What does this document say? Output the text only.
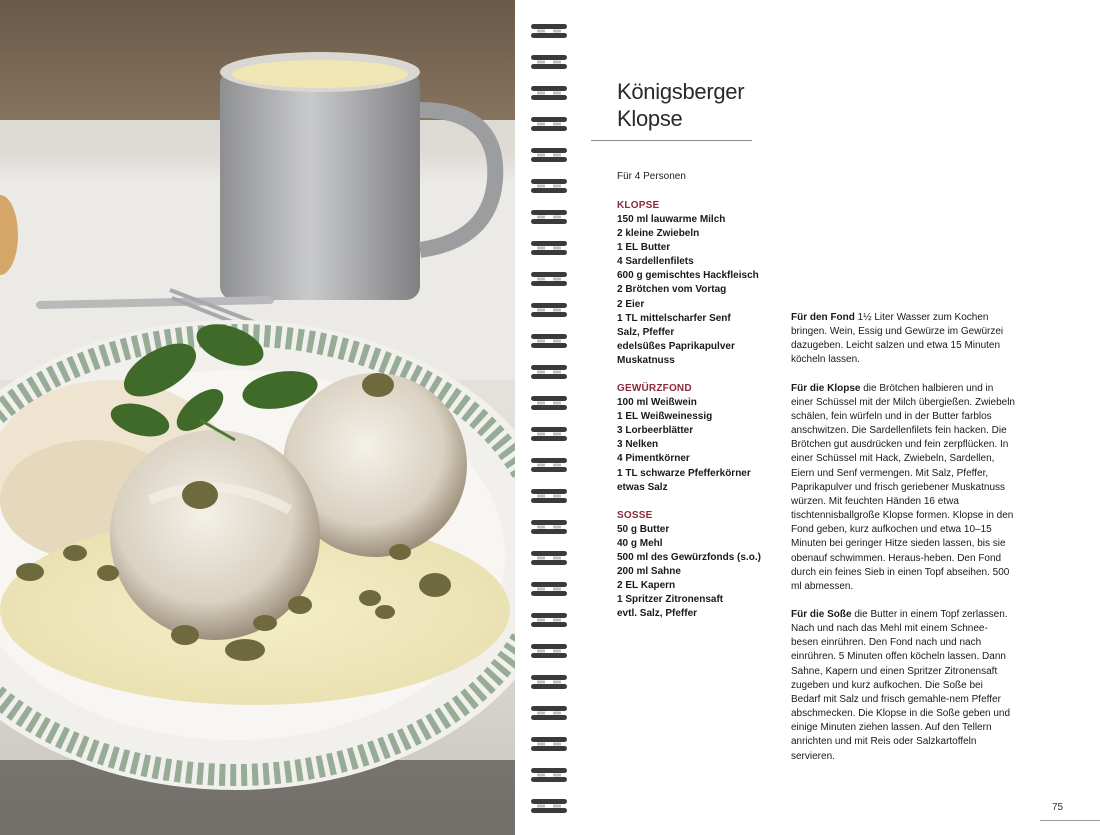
Königsberger
Klopse
Für 4 Personen
KLOPSE
150 ml lauwarme Milch
2 kleine Zwiebeln
1 EL Butter
4 Sardellenfilets
600 g gemischtes Hackfleisch
2 Brötchen vom Vortag
2 Eier
1 TL mittelscharfer Senf
Salz, Pfeffer
edelsüßes Paprikapulver
Muskatnuss
GEWÜRZFOND
100 ml Weißwein
1 EL Weißweinessig
3 Lorbeerblätter
3 Nelken
4 Pimentkörner
1 TL schwarze Pfefferkörner
etwas Salz
SOSSE
50 g Butter
40 g Mehl
500 ml des Gewürzfonds (s.o.)
200 ml Sahne
2 EL Kapern
1 Spritzer Zitronensaft
evtl. Salz, Pfeffer

Für den Fond 1½ Liter Wasser zum Kochen bringen. Wein, Essig und Gewürze im Gewürzei dazugeben. Leicht salzen und etwa 15 Minuten köcheln lassen.

Für die Klopse die Brötchen halbieren und in einer Schüssel mit der Milch übergießen. Zwiebeln schälen, fein würfeln und in der Butter farblos anschwitzen. Die Sardellenfilets fein hacken. Die Brötchen gut ausdrücken und fein zerpflücken. In einer Schüssel mit Hack, Zwiebeln, Sardellen, Eiern und Senf vermengen. Mit Salz, Pfeffer, Paprikapulver und frisch geriebener Muskatnuss würzen. Mit feuchten Händen 16 etwa tischtennisballgroße Klopse formen. Klopse in den Fond geben, kurz aufkochen und etwa 10–15 Minuten bei geringer Hitze sieden lassen, bis sie obenauf schwimmen. Heraus-heben. Den Fond durch ein feines Sieb in einen Topf abseihen. 500 ml abmessen.

Für die Soße die Butter in einem Topf zerlassen. Nach und nach das Mehl mit einem Schnee-besen einrühren. Den Fond nach und nach einrühren. 5 Minuten offen köcheln lassen. Dann Sahne, Kapern und einen Spritzer Zitronensaft zugeben und kurz aufkochen. Die Soße bei Bedarf mit Salz und frisch gemahle-nem Pfeffer abschmecken. Die Klopse in die Soße geben und einige Minuten ziehen lassen. Auf den Tellern anrichten und mit Reis oder Salzkartoffeln servieren.

75
